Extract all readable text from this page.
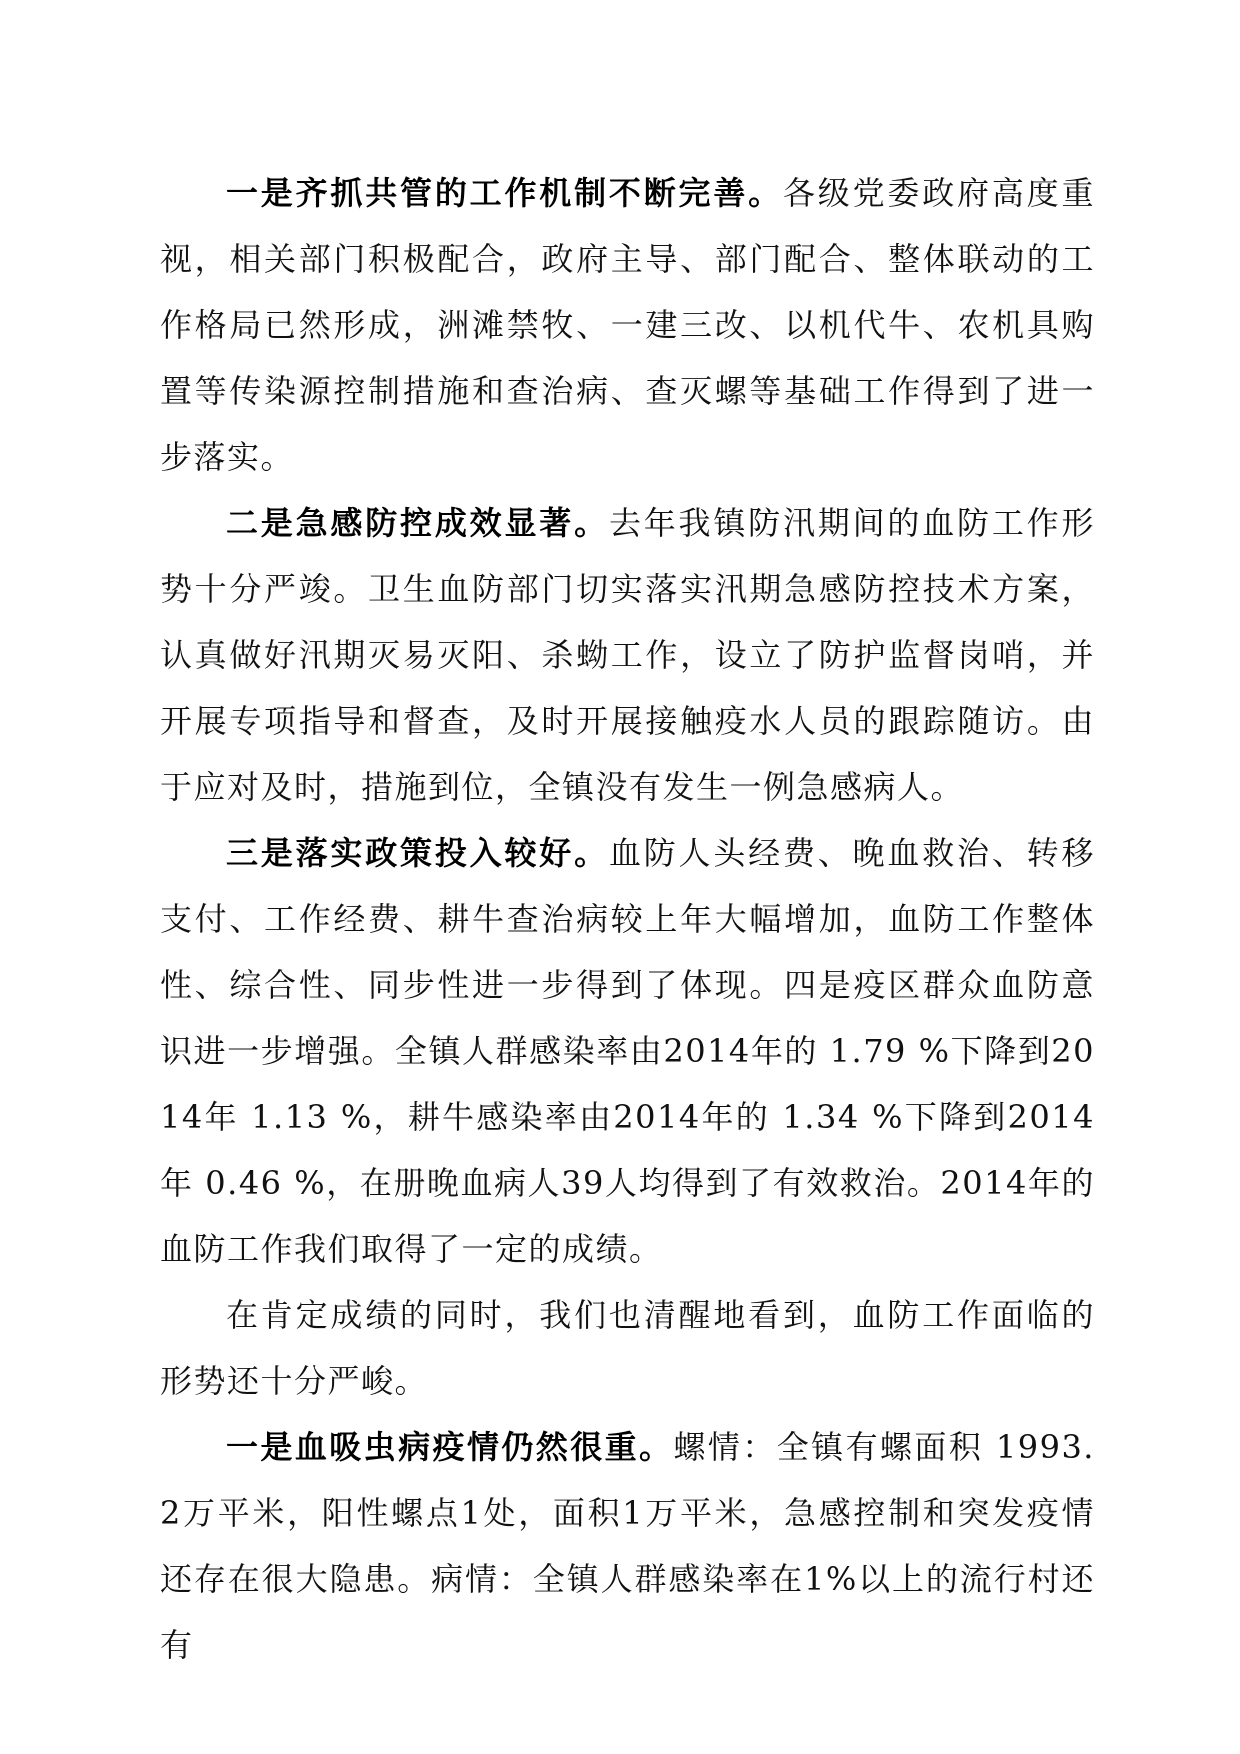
一是齐抓共管的工作机制不断完善。各级党委政府高度重视，相关部门积极配合，政府主导、部门配合、整体联动的工作格局已然形成，洲滩禁牧、一建三改、以机代牛、农机具购置等传染源控制措施和查治病、查灭螺等基础工作得到了进一步落实。

二是急感防控成效显著。去年我镇防汛期间的血防工作形势十分严竣。卫生血防部门切实落实汛期急感防控技术方案，认真做好汛期灭易灭阳、杀蚴工作，设立了防护监督岗哨，并开展专项指导和督查，及时开展接触疫水人员的跟踪随访。由于应对及时，措施到位，全镇没有发生一例急感病人。

三是落实政策投入较好。血防人头经费、晚血救治、转移支付、工作经费、耕牛查治病较上年大幅增加，血防工作整体性、综合性、同步性进一步得到了体现。四是疫区群众血防意识进一步增强。全镇人群感染率由2014年的 1.79 %下降到2014年 1.13 %，耕牛感染率由2014年的 1.34 %下降到2014年 0.46 %，在册晚血病人39人均得到了有效救治。2014年的血防工作我们取得了一定的成绩。

在肯定成绩的同时，我们也清醒地看到，血防工作面临的形势还十分严峻。

一是血吸虫病疫情仍然很重。螺情：全镇有螺面积 1993.2万平米，阳性螺点1处，面积1万平米，急感控制和突发疫情还存在很大隐患。病情：全镇人群感染率在1%以上的流行村还有
